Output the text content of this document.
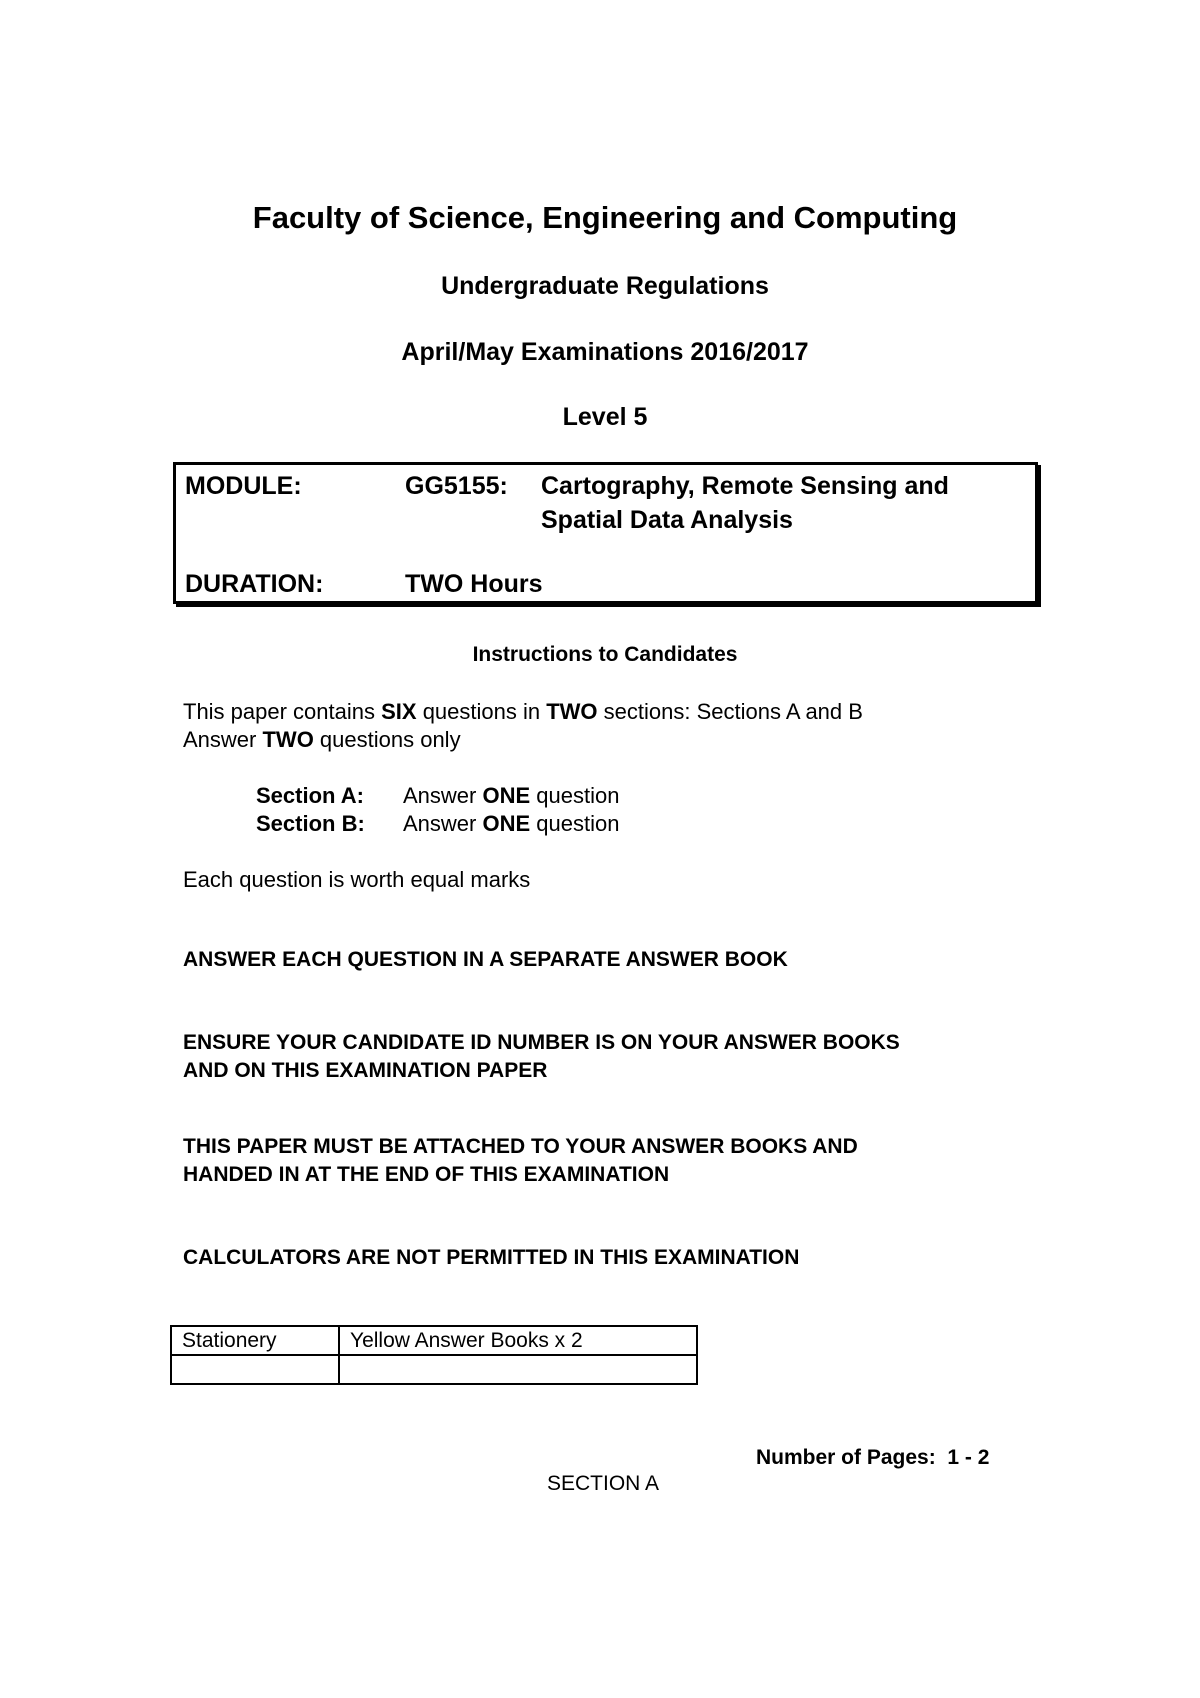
Faculty of Science, Engineering and Computing
Undergraduate Regulations
April/May Examinations 2016/2017
Level 5
MODULE:	GG5155: Cartography, Remote Sensing and
Spatial Data Analysis
DURATION:	TWO Hours
Instructions to Candidates
This paper contains SIX questions in TWO sections: Sections A and B
Answer TWO questions only
Section A: Answer ONE question
Section B: Answer ONE question
Each question is worth equal marks
ANSWER EACH QUESTION IN A SEPARATE ANSWER BOOK
ENSURE YOUR CANDIDATE ID NUMBER IS ON YOUR ANSWER BOOKS
AND ON THIS EXAMINATION PAPER
THIS PAPER MUST BE ATTACHED TO YOUR ANSWER BOOKS AND
HANDED IN AT THE END OF THIS EXAMINATION
CALCULATORS ARE NOT PERMITTED IN THIS EXAMINATION
Stationery	Yellow Answer Books x 2

Number of Pages: 1 - 2
SECTION A
